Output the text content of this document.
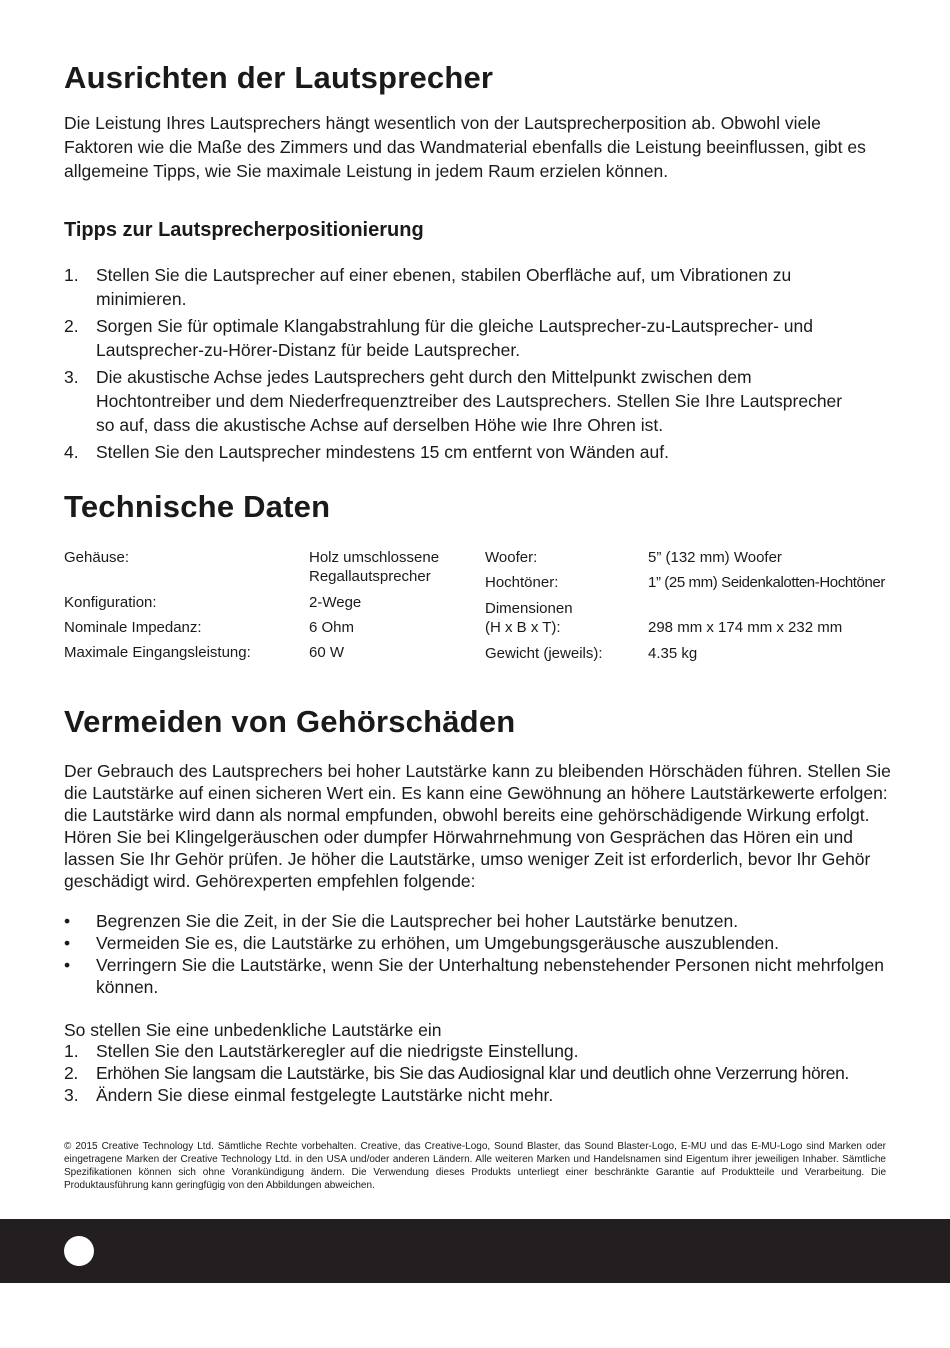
Ausrichten der Lautsprecher

Die Leistung Ihres Lautsprechers hängt wesentlich von der Lautsprecherposition ab. Obwohl viele Faktoren wie die Maße des Zimmers und das Wandmaterial ebenfalls die Leistung beeinflussen, gibt es allgemeine Tipps, wie Sie maximale Leistung in jedem Raum erzielen können.

Tipps zur Lautsprecherpositionierung
1. Stellen Sie die Lautsprecher auf einer ebenen, stabilen Oberfläche auf, um Vibrationen zu minimieren.
2. Sorgen Sie für optimale Klangabstrahlung für die gleiche Lautsprecher-zu-Lautsprecher- und Lautsprecher-zu-Hörer-Distanz für beide Lautsprecher.
3. Die akustische Achse jedes Lautsprechers geht durch den Mittelpunkt zwischen dem Hochtontreiber und dem Niederfrequenztreiber des Lautsprechers. Stellen Sie Ihre Lautsprecher so auf, dass die akustische Achse auf derselben Höhe wie Ihre Ohren ist.
4. Stellen Sie den Lautsprecher mindestens 15 cm entfernt von Wänden auf.
Technische Daten
Gehäuse:	Holz umschlossene
Regallautsprecher
Konfiguration:	2-Wege
Nominale Impedanz:	6 Ohm
Maximale Eingangsleistung:	60 W
Woofer:	5” (132 mm) Woofer
Hochtöner:	1” (25 mm) Seidenkalotten-Hochtöner
Dimensionen
(H x B x T):	298 mm x 174 mm x 232 mm
Gewicht (jeweils):	4.35 kg
Vermeiden von Gehörschäden

Der Gebrauch des Lautsprechers bei hoher Lautstärke kann zu bleibenden Hörschäden führen. Stellen Sie die Lautstärke auf einen sicheren Wert ein. Es kann eine Gewöhnung an höhere Lautstärkewerte erfolgen: die Lautstärke wird dann als normal empfunden, obwohl bereits eine gehörschädigende Wirkung erfolgt. Hören Sie bei Klingelgeräuschen oder dumpfer Hörwahrnehmung von Gesprächen das Hören ein und lassen Sie Ihr Gehör prüfen. Je höher die Lautstärke, umso weniger Zeit ist erforderlich, bevor Ihr Gehör geschädigt wird. Gehörexperten empfehlen folgende:

• Begrenzen Sie die Zeit, in der Sie die Lautsprecher bei hoher Lautstärke benutzen.
• Vermeiden Sie es, die Lautstärke zu erhöhen, um Umgebungsgeräusche auszublenden.
• Verringern Sie die Lautstärke, wenn Sie der Unterhaltung nebenstehender Personen nicht mehrfolgen können.

So stellen Sie eine unbedenkliche Lautstärke ein

1. Stellen Sie den Lautstärkeregler auf die niedrigste Einstellung.
2. Erhöhen Sie langsam die Lautstärke, bis Sie das Audiosignal klar und deutlich ohne Verzerrung hören.
3. Ändern Sie diese einmal festgelegte Lautstärke nicht mehr.

© 2015 Creative Technology Ltd. Sämtliche Rechte vorbehalten. Creative, das Creative-Logo, Sound Blaster, das Sound Blaster-Logo, E-MU und das E-MU-Logo sind Marken oder eingetragene Marken der Creative Technology Ltd. in den USA und/oder anderen Ländern. Alle weiteren Marken und Handelsnamen sind Eigentum ihrer jeweiligen Inhaber. Sämtliche Spezifikationen können sich ohne Vorankündigung ändern. Die Verwendung dieses Produkts unterliegt einer beschränkte Garantie auf Produktteile und Verarbeitung. Die Produktausführung kann geringfügig von den Abbildungen abweichen.
